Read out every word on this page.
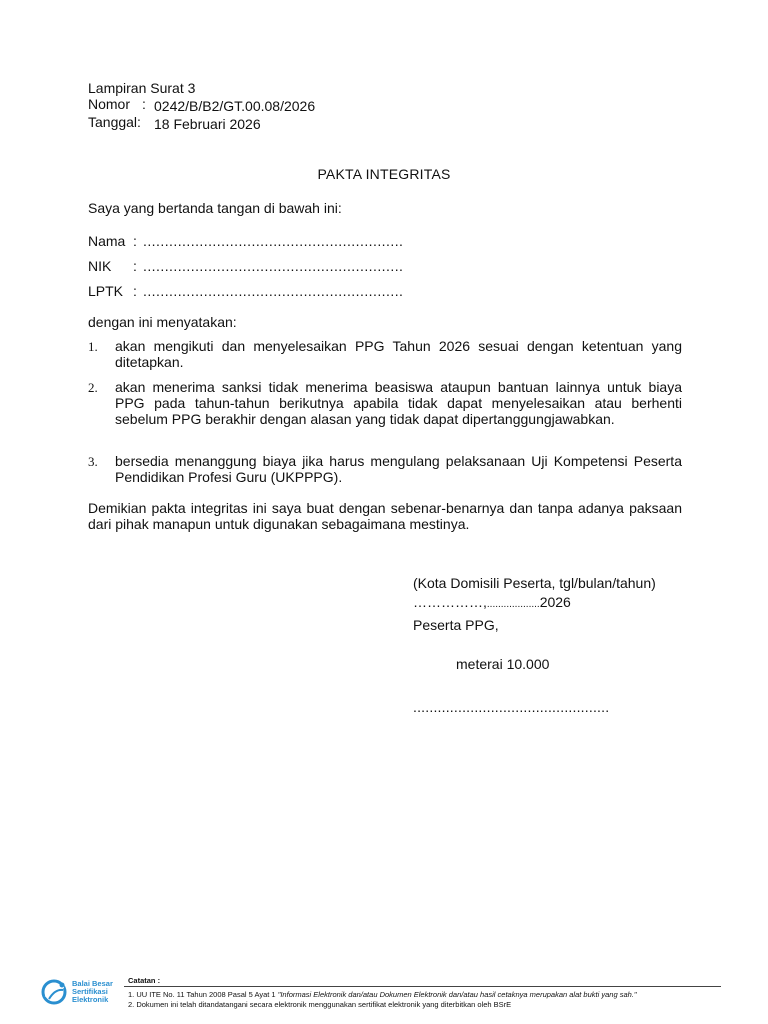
Lampiran Surat 3
Nomor : 0242/B/B2/GT.00.08/2026
Tanggal: 18 Februari 2026
PAKTA INTEGRITAS
Saya yang bertanda tangan di bawah ini:
Nama : ............................................................
NIK : ............................................................
LPTK : ............................................................
dengan ini menyatakan:
1. akan mengikuti dan menyelesaikan PPG Tahun 2026 sesuai dengan ketentuan yang ditetapkan.
2. akan menerima sanksi tidak menerima beasiswa ataupun bantuan lainnya untuk biaya PPG pada tahun-tahun berikutnya apabila tidak dapat menyelesaikan atau berhenti sebelum PPG berakhir dengan alasan yang tidak dapat dipertanggungjawabkan.
3. bersedia menanggung biaya jika harus mengulang pelaksanaan Uji Kompetensi Peserta Pendidikan Profesi Guru (UKPPPG).
Demikian pakta integritas ini saya buat dengan sebenar-benarnya dan tanpa adanya paksaan dari pihak manapun untuk digunakan sebagaimana mestinya.
(Kota Domisili Peserta, tgl/bulan/tahun)
……………,...................2026
Peserta PPG,
meterai 10.000
................................................
Balai Besar
Sertifikasi
Elektronik
Catatan :
1. UU ITE No. 11 Tahun 2008 Pasal 5 Ayat 1 "Informasi Elektronik dan/atau Dokumen Elektronik dan/atau hasil cetaknya merupakan alat bukti yang sah."
2. Dokumen ini telah ditandatangani secara elektronik menggunakan sertifikat elektronik yang diterbitkan oleh BSrE
